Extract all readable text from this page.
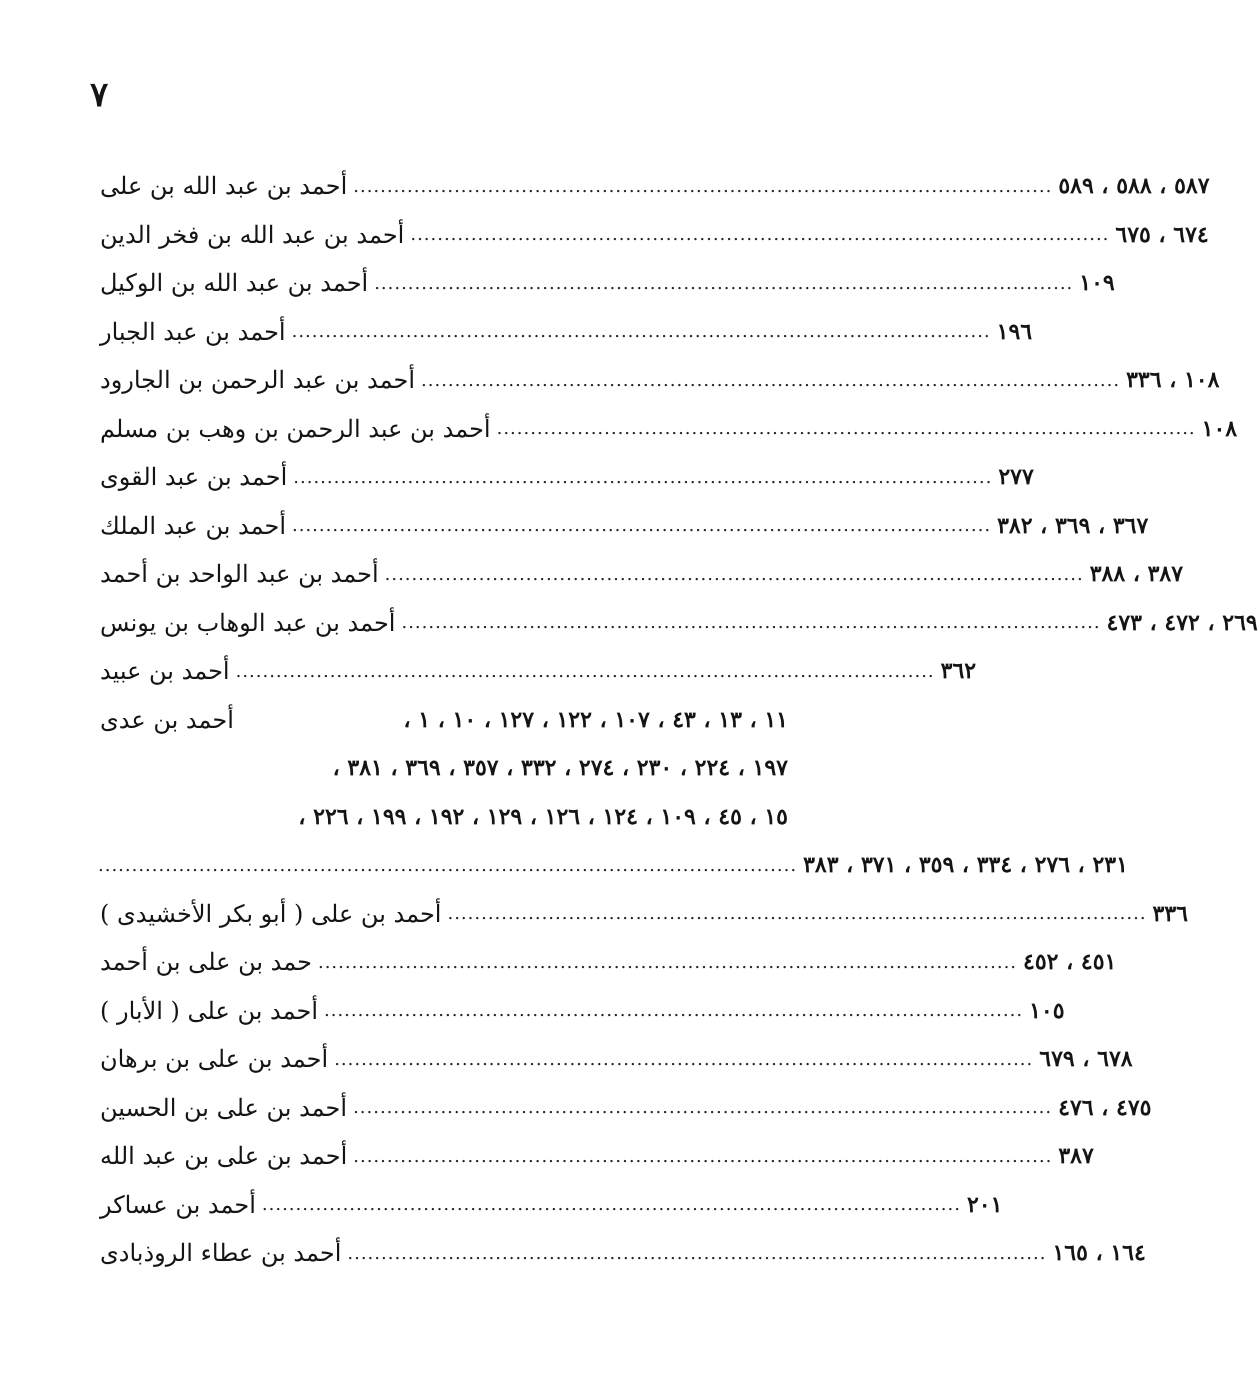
٧
أحمد بن عبد الله بن على ........................................................................................................ ٥٨٧ ، ٥٨٨ ، ٥٨٩
أحمد بن عبد الله بن فخر الدين ........................................................................................................ ٦٧٤ ، ٦٧٥
أحمد بن عبد الله بن الوكيل ........................................................................................................ ١٠٩
أحمد بن عبد الجبار ........................................................................................................ ١٩٦
أحمد بن عبد الرحمن بن الجارود ........................................................................................................ ١٠٨ ، ٣٣٦
أحمد بن عبد الرحمن بن وهب بن مسلم ........................................................................................................ ١٠٨
أحمد بن عبد القوى ........................................................................................................ ٢٧٧
أحمد بن عبد الملك ........................................................................................................ ٣٦٧ ، ٣٦٩ ، ٣٨٢
أحمد بن عبد الواحد بن أحمد ........................................................................................................ ٣٨٧ ، ٣٨٨
أحمد بن عبد الوهاب بن يونس ........................................................................................................ ٢٦٩ ، ٤٧٢ ، ٤٧٣
أحمد بن عبيد ........................................................................................................ ٣٦٢
أحمد بن عدى	١١ ، ١٣ ، ٤٣ ، ١٠٧ ، ١٢٢ ، ١٢٧ ، ١٠ ، ١ ،
١٩٧ ، ٢٢٤ ، ٢٣٠ ، ٢٧٤ ، ٣٣٢ ، ٣٥٧ ، ٣٦٩ ، ٣٨١ ،
١٥ ، ٤٥ ، ١٠٩ ، ١٢٤ ، ١٢٦ ، ١٢٩ ، ١٩٢ ، ١٩٩ ، ٢٢٦ ،
........................................................................................................ ٢٣١ ، ٢٧٦ ، ٣٣٤ ، ٣٥٩ ، ٣٧١ ، ٣٨٣
أحمد بن على ( أبو بكر الأخشيدى ) ........................................................................................................ ٣٣٦
حمد بن على بن أحمد ........................................................................................................ ٤٥١ ، ٤٥٢
أحمد بن على ( الأبار ) ........................................................................................................ ١٠٥
أحمد بن على بن برهان ........................................................................................................ ٦٧٨ ، ٦٧٩
أحمد بن على بن الحسين ........................................................................................................ ٤٧٥ ، ٤٧٦
أحمد بن على بن عبد الله ........................................................................................................ ٣٨٧
أحمد بن عساكر ........................................................................................................ ٢٠١
أحمد بن عطاء الروذبادى ........................................................................................................ ١٦٤ ، ١٦٥
